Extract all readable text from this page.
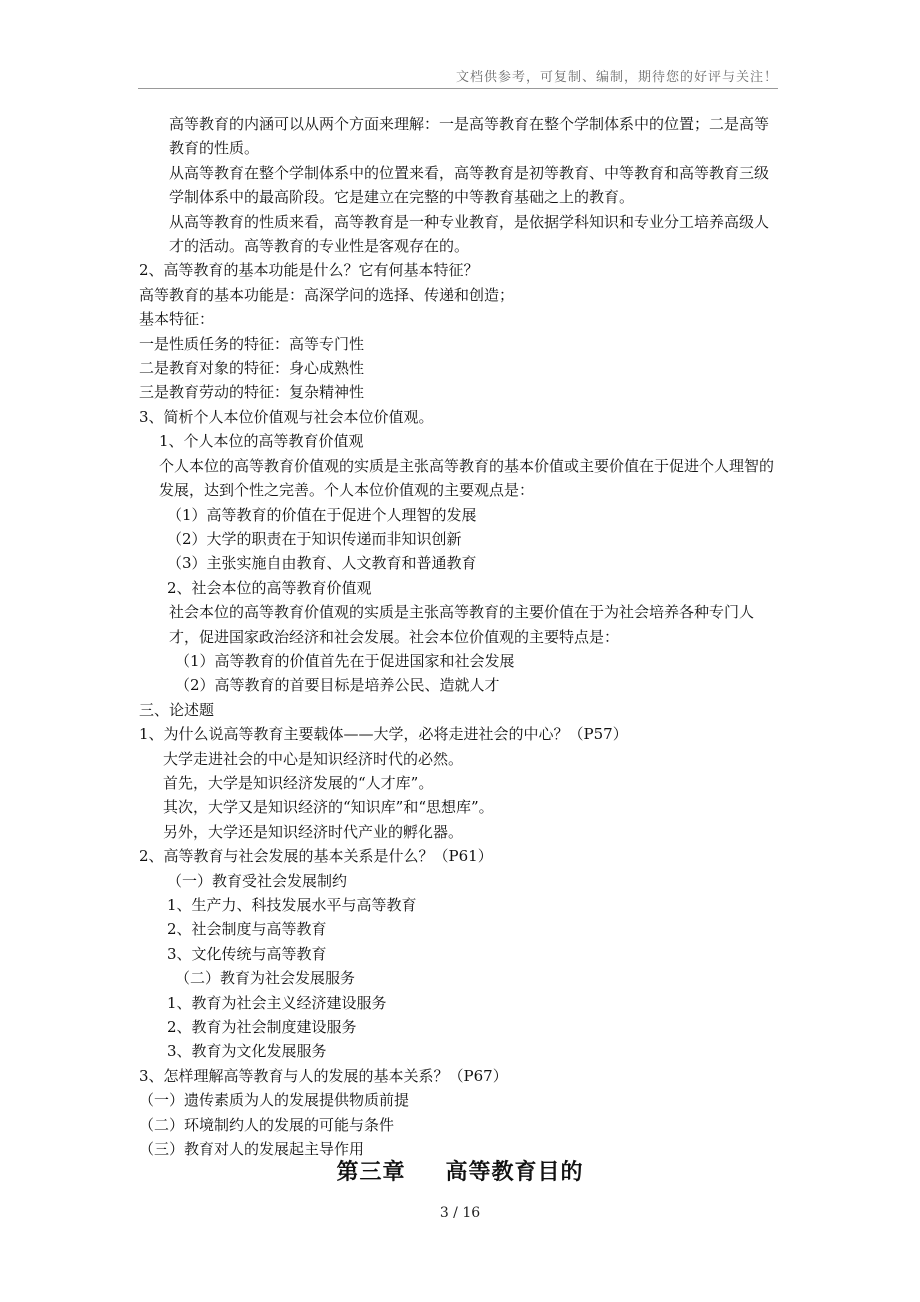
文档供参考，可复制、编制，期待您的好评与关注！

高等教育的内涵可以从两个方面来理解：一是高等教育在整个学制体系中的位置；二是高等教育的性质。

从高等教育在整个学制体系中的位置来看，高等教育是初等教育、中等教育和高等教育三级学制体系中的最高阶段。它是建立在完整的中等教育基础之上的教育。

从高等教育的性质来看，高等教育是一种专业教育，是依据学科知识和专业分工培养高级人才的活动。高等教育的专业性是客观存在的。

2、高等教育的基本功能是什么？它有何基本特征？

高等教育的基本功能是：高深学问的选择、传递和创造；

基本特征：

一是性质任务的特征：高等专门性

二是教育对象的特征：身心成熟性

三是教育劳动的特征：复杂精神性

3、简析个人本位价值观与社会本位价值观。

1、个人本位的高等教育价值观

个人本位的高等教育价值观的实质是主张高等教育的基本价值或主要价值在于促进个人理智的发展，达到个性之完善。个人本位价值观的主要观点是：

（1）高等教育的价值在于促进个人理智的发展

（2）大学的职责在于知识传递而非知识创新

（3）主张实施自由教育、人文教育和普通教育

2、社会本位的高等教育价值观

社会本位的高等教育价值观的实质是主张高等教育的主要价值在于为社会培养各种专门人才，促进国家政治经济和社会发展。社会本位价值观的主要特点是：

（1）高等教育的价值首先在于促进国家和社会发展

（2）高等教育的首要目标是培养公民、造就人才

三、论述题

1、为什么说高等教育主要载体——大学，必将走进社会的中心？（P57）

大学走进社会的中心是知识经济时代的必然。

首先，大学是知识经济发展的“人才库”。

其次，大学又是知识经济的“知识库”和“思想库”。

另外，大学还是知识经济时代产业的孵化器。

2、高等教育与社会发展的基本关系是什么？（P61）

（一）教育受社会发展制约

1、生产力、科技发展水平与高等教育

2、社会制度与高等教育

3、文化传统与高等教育

（二）教育为社会发展服务

1、教育为社会主义经济建设服务

2、教育为社会制度建设服务

3、教育为文化发展服务

3、怎样理解高等教育与人的发展的基本关系？（P67）

（一）遗传素质为人的发展提供物质前提

（二）环境制约人的发展的可能与条件

（三）教育对人的发展起主导作用

第三章 高等教育目的
3 / 16
